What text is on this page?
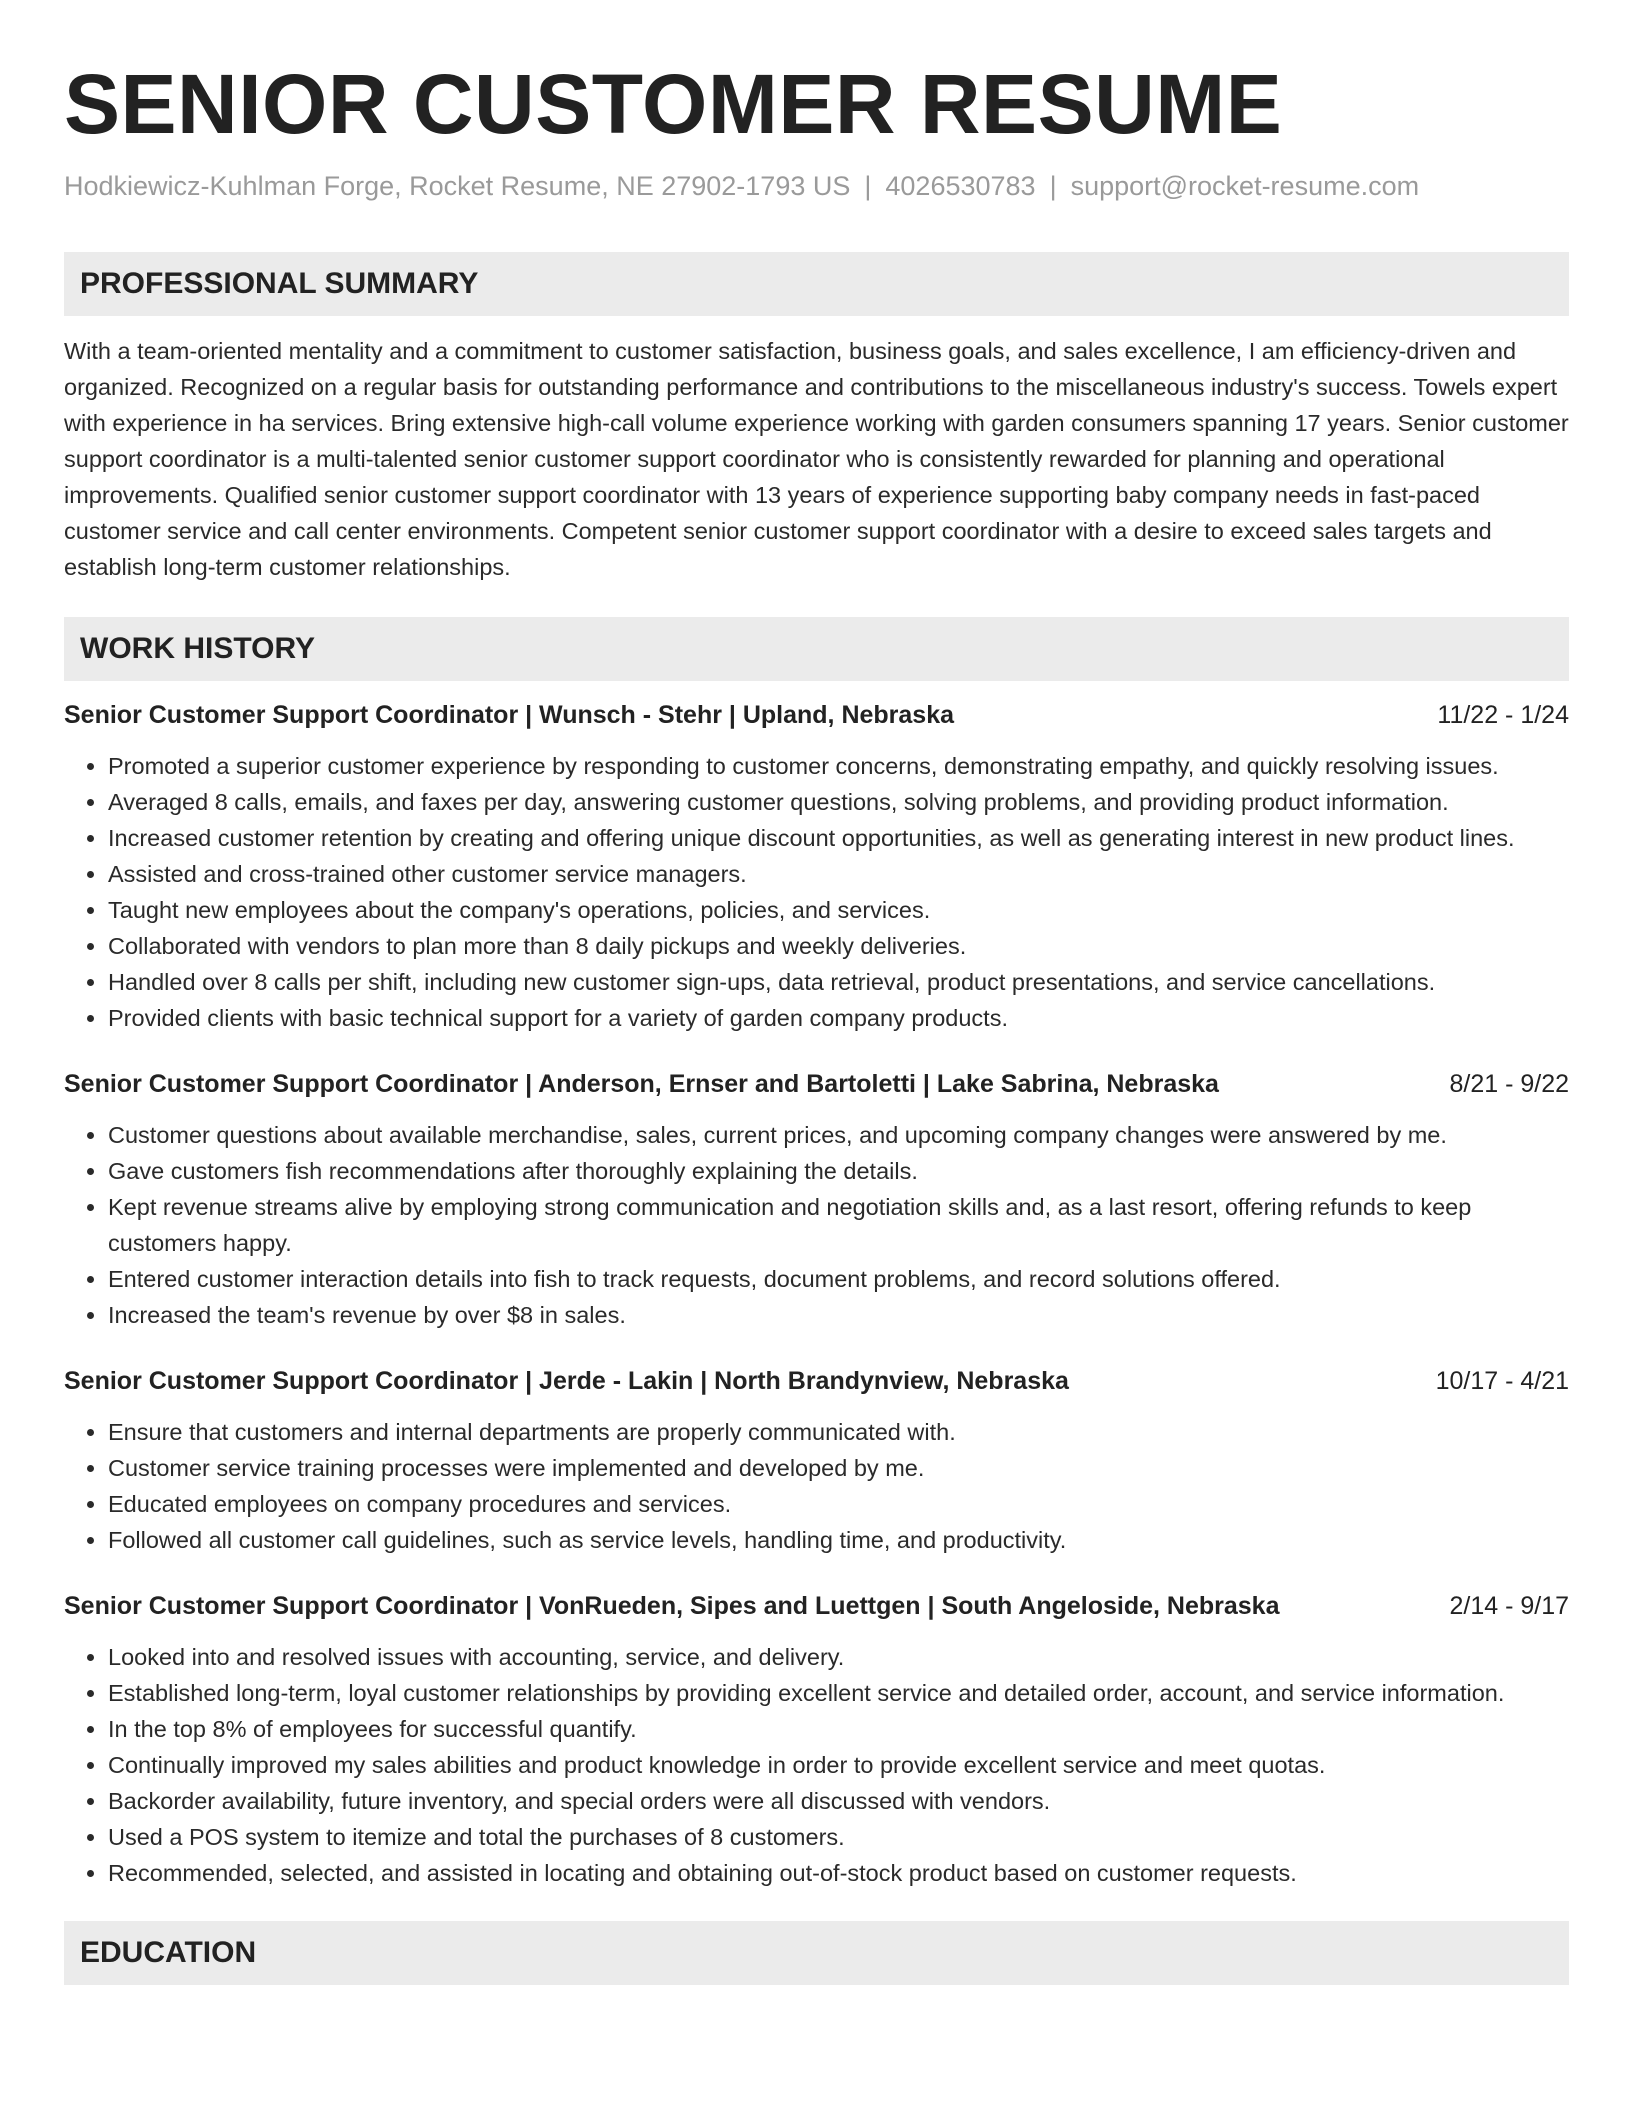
SENIOR CUSTOMER RESUME
Hodkiewicz-Kuhlman Forge, Rocket Resume, NE 27902-1793 US | 4026530783 | support@rocket-resume.com
PROFESSIONAL SUMMARY
With a team-oriented mentality and a commitment to customer satisfaction, business goals, and sales excellence, I am efficiency-driven and organized. Recognized on a regular basis for outstanding performance and contributions to the miscellaneous industry's success. Towels expert with experience in ha services. Bring extensive high-call volume experience working with garden consumers spanning 17 years. Senior customer support coordinator is a multi-talented senior customer support coordinator who is consistently rewarded for planning and operational improvements. Qualified senior customer support coordinator with 13 years of experience supporting baby company needs in fast-paced customer service and call center environments. Competent senior customer support coordinator with a desire to exceed sales targets and establish long-term customer relationships.
WORK HISTORY
Senior Customer Support Coordinator | Wunsch - Stehr | Upland, Nebraska	11/22 - 1/24
• Promoted a superior customer experience by responding to customer concerns, demonstrating empathy, and quickly resolving issues.
• Averaged 8 calls, emails, and faxes per day, answering customer questions, solving problems, and providing product information.
• Increased customer retention by creating and offering unique discount opportunities, as well as generating interest in new product lines.
• Assisted and cross-trained other customer service managers.
• Taught new employees about the company's operations, policies, and services.
• Collaborated with vendors to plan more than 8 daily pickups and weekly deliveries.
• Handled over 8 calls per shift, including new customer sign-ups, data retrieval, product presentations, and service cancellations.
• Provided clients with basic technical support for a variety of garden company products.
Senior Customer Support Coordinator | Anderson, Ernser and Bartoletti | Lake Sabrina, Nebraska	8/21 - 9/22
• Customer questions about available merchandise, sales, current prices, and upcoming company changes were answered by me.
• Gave customers fish recommendations after thoroughly explaining the details.
• Kept revenue streams alive by employing strong communication and negotiation skills and, as a last resort, offering refunds to keep customers happy.
• Entered customer interaction details into fish to track requests, document problems, and record solutions offered.
• Increased the team's revenue by over $8 in sales.
Senior Customer Support Coordinator | Jerde - Lakin | North Brandynview, Nebraska	10/17 - 4/21
• Ensure that customers and internal departments are properly communicated with.
• Customer service training processes were implemented and developed by me.
• Educated employees on company procedures and services.
• Followed all customer call guidelines, such as service levels, handling time, and productivity.
Senior Customer Support Coordinator | VonRueden, Sipes and Luettgen | South Angeloside, Nebraska	2/14 - 9/17
• Looked into and resolved issues with accounting, service, and delivery.
• Established long-term, loyal customer relationships by providing excellent service and detailed order, account, and service information.
• In the top 8% of employees for successful quantify.
• Continually improved my sales abilities and product knowledge in order to provide excellent service and meet quotas.
• Backorder availability, future inventory, and special orders were all discussed with vendors.
• Used a POS system to itemize and total the purchases of 8 customers.
• Recommended, selected, and assisted in locating and obtaining out-of-stock product based on customer requests.
EDUCATION
